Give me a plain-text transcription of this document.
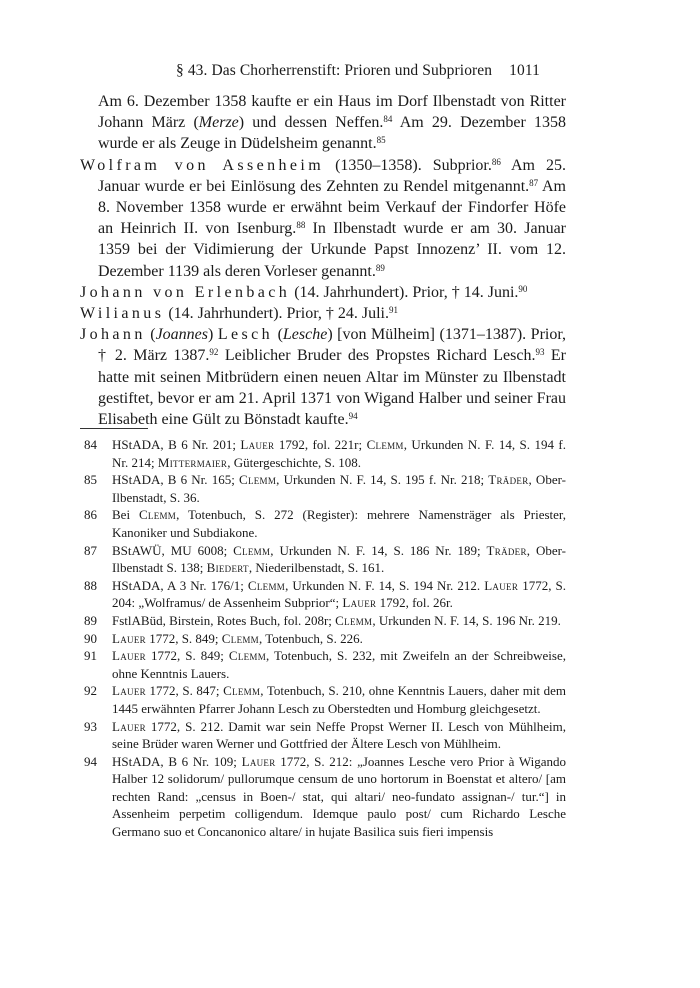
§ 43. Das Chorherrenstift: Prioren und Subprioren 1011

Am 6. Dezember 1358 kaufte er ein Haus im Dorf Ilbenstadt von Ritter Johann März (Merze) und dessen Neffen.$^{84}$ Am 29. Dezember 1358 wurde er als Zeuge in Düdelsheim genannt.$^{85}$

Wolfram von Assenheim (1350–1358). Subprior.$^{86}$ Am 25. Januar wurde er bei Einlösung des Zehnten zu Rendel mitgenannt.$^{87}$ Am 8. November 1358 wurde er erwähnt beim Verkauf der Findorfer Höfe an Heinrich II. von Isenburg.$^{88}$ In Ilbenstadt wurde er am 30. Januar 1359 bei der Vidimierung der Urkunde Papst Innozenz’ II. vom 12. Dezember 1139 als deren Vorleser genannt.$^{89}$

Johann von Erlenbach (14. Jahrhundert). Prior, † 14. Juni.$^{90}$

Wilianus (14. Jahrhundert). Prior, † 24. Juli.$^{91}$

Johann (Joannes) Lesch (Lesche) [von Mülheim] (1371–1387). Prior, † 2. März 1387.92 Leiblicher Bruder des Propstes Richard Lesch.$^{93}$ Er hatte mit seinen Mitbrüdern einen neuen Altar im Münster zu Ilbenstadt gestiftet, bevor er am 21. April 1371 von Wigand Halber und seiner Frau Elisabeth eine Gült zu Bönstadt kaufte.$^{94}$

84 HStADA, B 6 Nr. 201; Lauer 1792, fol. 221r; Clemm, Urkunden N. F. 14, S. 194 f. Nr. 214; Mittermaier, Gütergeschichte, S. 108.
85 HStADA, B 6 Nr. 165; Clemm, Urkunden N. F. 14, S. 195 f. Nr. 218; Träder, Ober-Ilbenstadt, S. 36.
86 Bei Clemm, Totenbuch, S. 272 (Register): mehrere Namensträger als Priester, Kanoniker und Subdiakone.
87 BStAWÜ, MU 6008; Clemm, Urkunden N. F. 14, S. 186 Nr. 189; Träder, Ober-Ilbenstadt S. 138; Biedert, Niederilbenstadt, S. 161.
88 HStADA, A 3 Nr. 176/1; Clemm, Urkunden N. F. 14, S. 194 Nr. 212. Lauer 1772, S. 204: „Wolframus/ de Assenheim Subprior“; Lauer 1792, fol. 26r.
89 FstlABüd, Birstein, Rotes Buch, fol. 208r; Clemm, Urkunden N. F. 14, S. 196 Nr. 219.
90 Lauer 1772, S. 849; Clemm, Totenbuch, S. 226.
91 Lauer 1772, S. 849; Clemm, Totenbuch, S. 232, mit Zweifeln an der Schreibweise, ohne Kenntnis Lauers.
92 Lauer 1772, S. 847; Clemm, Totenbuch, S. 210, ohne Kenntnis Lauers, daher mit dem 1445 erwähnten Pfarrer Johann Lesch zu Oberstedten und Homburg gleichgesetzt.
93 Lauer 1772, S. 212. Damit war sein Neffe Propst Werner II. Lesch von Mühlheim, seine Brüder waren Werner und Gottfried der Ältere Lesch von Mühlheim.
94 HStADA, B 6 Nr. 109; Lauer 1772, S. 212: „Joannes Lesche vero Prior à Wigando Halber 12 solidorum/ pullorumque censum de uno hortorum in Boenstat et altero/ [am rechten Rand: „census in Boen-/ stat, qui altari/ neo-fundato assignan-/ tur.“] in Assenheim perpetim colligendum. Idemque paulo post/ cum Richardo Lesche Germano suo et Concanonico altare/ in hujate Basilica suis fieri impensis
